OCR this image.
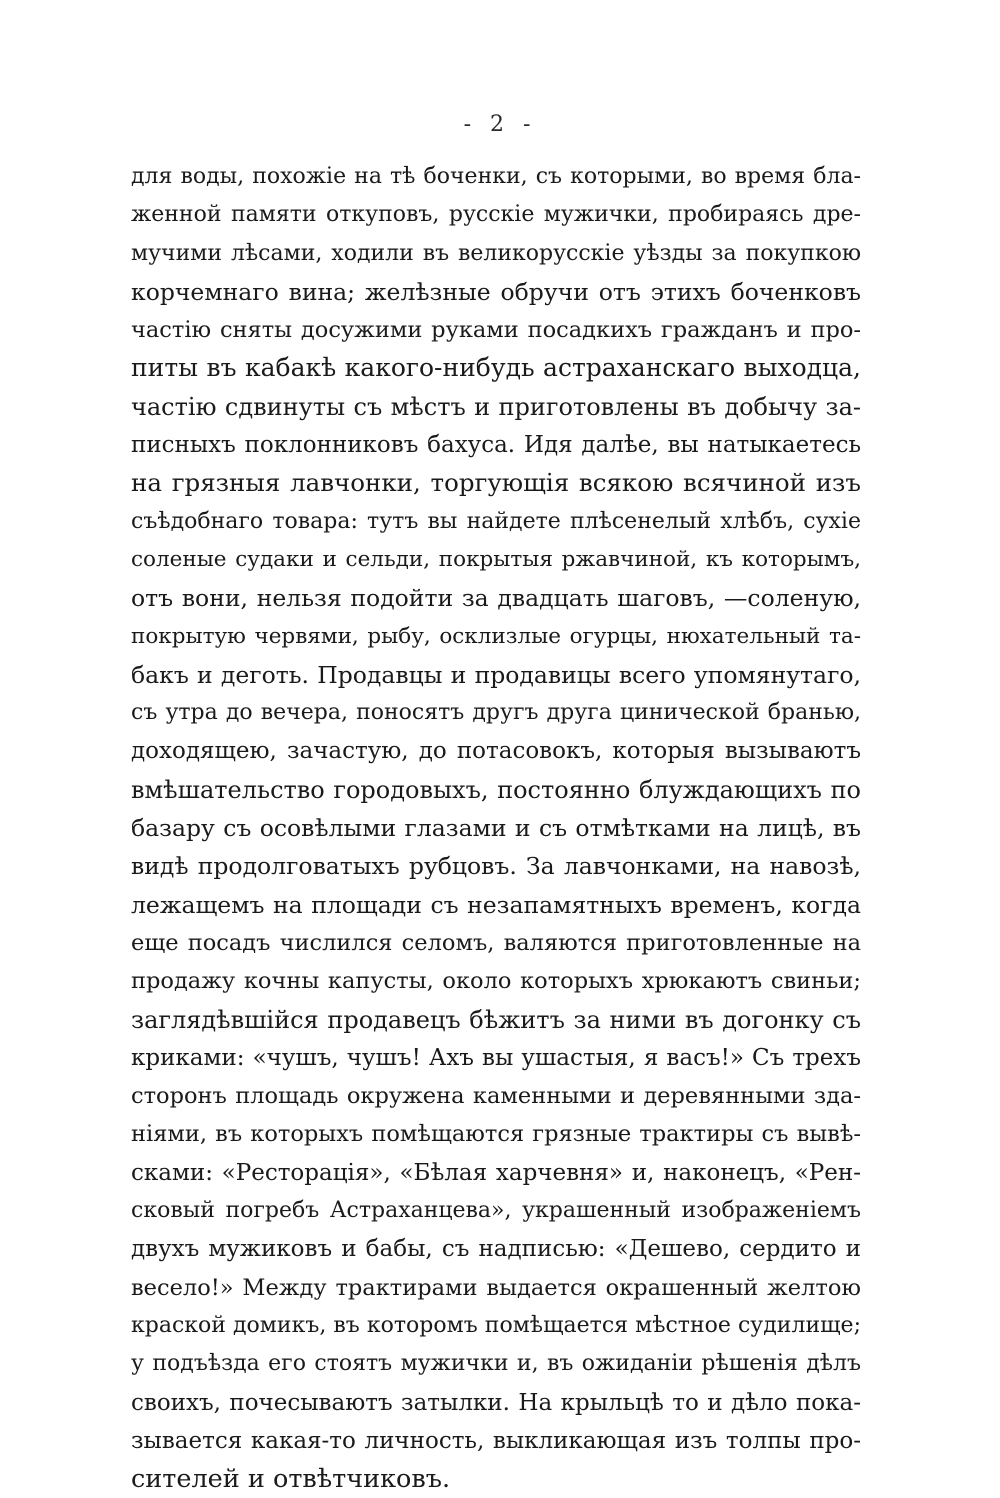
- 2 -
для воды, похожіе на тѣ боченки, съ которыми, во время бла-
женной памяти откуповъ, русскіе мужички, пробираясь дре-
мучими лѣсами, ходили въ великорусскіе уѣзды за покупкою
корчемнаго вина; желѣзные обручи отъ этихъ боченковъ
частію сняты досужими руками посадкихъ гражданъ и про-
питы въ кабакѣ какого-нибудь астраханскаго выходца,
частію сдвинуты съ мѣстъ и приготовлены въ добычу за-
писныхъ поклонниковъ бахуса. Идя далѣе, вы натыкаетесь
на грязныя лавчонки, торгующія всякою всячиной изъ
съѣдобнаго товара: тутъ вы найдете плѣсенелый хлѣбъ, сухіе
соленые судаки и сельди, покрытыя ржавчиной, къ которымъ,
отъ вони, нельзя подойти за двадцать шаговъ, —соленую,
покрытую червями, рыбу, осклизлые огурцы, нюхательный та-
бакъ и деготь. Продавцы и продавицы всего упомянутаго,
съ утра до вечера, поносятъ другъ друга циничeской бранью,
доходящею, зачастую, до потасовокъ, которыя вызываютъ
вмѣшательство городовыхъ, постоянно блуждающихъ по
базару съ осовѣлыми глазами и съ отмѣтками на лицѣ, въ
видѣ продолговатыхъ рубцовъ. За лавчонками, на навозѣ,
лежащемъ на площади съ незапамятныхъ временъ, когда
еще посадъ числился селомъ, валяются приготовленные на
продажу кочны капусты, около которыхъ хрюкаютъ свиньи;
заглядѣвшійся продавецъ бѣжитъ за ними въ догонку съ
криками: «чушъ, чушъ! Ахъ вы ушастыя, я васъ!» Съ трехъ
сторонъ площадь окружена каменными и деревянными зда-
ніями, въ которыхъ помѣщаются грязные трактиры съ вывѣ-
сками: «Ресторація», «Бѣлая харчевня» и, наконецъ, «Рен-
сковый погребъ Астраханцева», украшенный изображеніемъ
двухъ мужиковъ и бабы, съ надписью: «Дешево, сердито и
весело!» Между трактирами выдается окрашенный желтою
краской домикъ, въ которомъ помѣщается мѣстное судилище;
у подъѣзда его стоятъ мужички и, въ ожиданіи рѣшенія дѣлъ
своихъ, почесываютъ затылки. На крыльцѣ то и дѣло пока-
зывается какая-то личность, выкликающая изъ толпы про-
сителей и отвѣтчиковъ.
